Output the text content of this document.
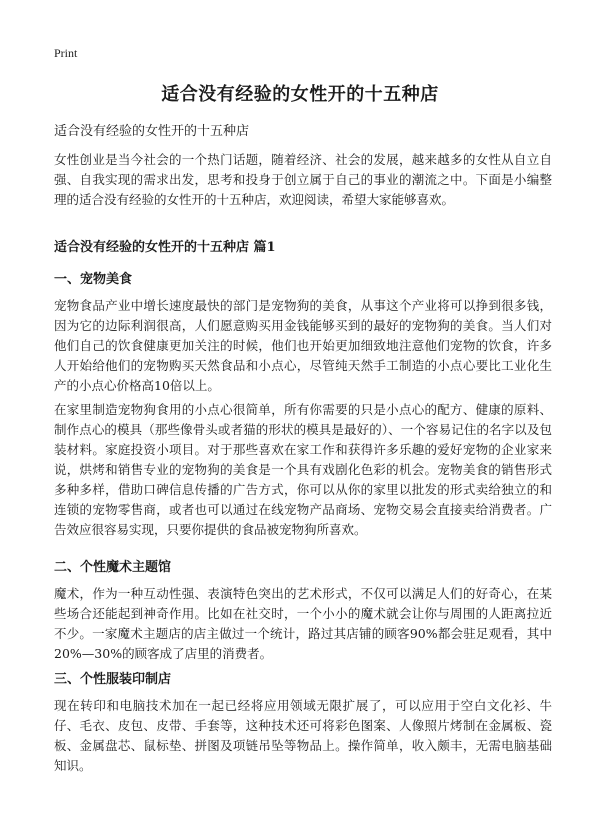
Print
适合没有经验的女性开的十五种店
适合没有经验的女性开的十五种店

女性创业是当今社会的一个热门话题，随着经济、社会的发展，越来越多的女性从自立自强、自我实现的需求出发，思考和投身于创立属于自己的事业的潮流之中。下面是小编整理的适合没有经验的女性开的十五种店，欢迎阅读，希望大家能够喜欢。

适合没有经验的女性开的十五种店 篇1
一、宠物美食

宠物食品产业中增长速度最快的部门是宠物狗的美食，从事这个产业将可以挣到很多钱，因为它的边际利润很高，人们愿意购买用金钱能够买到的最好的宠物狗的美食。当人们对他们自己的饮食健康更加关注的时候，他们也开始更加细致地注意他们宠物的饮食，许多人开始给他们的宠物购买天然食品和小点心，尽管纯天然手工制造的小点心要比工业化生产的小点心价格高10倍以上。

在家里制造宠物狗食用的小点心很简单，所有你需要的只是小点心的配方、健康的原料、制作点心的模具（那些像骨头或者猫的形状的模具是最好的）、一个容易记住的名字以及包装材料。家庭投资小项目。对于那些喜欢在家工作和获得许多乐趣的爱好宠物的企业家来说，烘烤和销售专业的宠物狗的美食是一个具有戏剧化色彩的机会。宠物美食的销售形式多种多样，借助口碑信息传播的广告方式，你可以从你的家里以批发的形式卖给独立的和连锁的宠物零售商，或者也可以通过在线宠物产品商场、宠物交易会直接卖给消费者。广告效应很容易实现，只要你提供的食品被宠物狗所喜欢。

二、个性魔术主题馆

魔术，作为一种互动性强、表演特色突出的艺术形式，不仅可以满足人们的好奇心，在某些场合还能起到神奇作用。比如在社交时，一个小小的魔术就会让你与周围的人距离拉近不少。一家魔术主题店的店主做过一个统计，路过其店铺的顾客90%都会驻足观看，其中20%—30%的顾客成了店里的消费者。

三、个性服装印制店

现在转印和电脑技术加在一起已经将应用领域无限扩展了，可以应用于空白文化衫、牛仔、毛衣、皮包、皮带、手套等，这种技术还可将彩色图案、人像照片烤制在金属板、瓷板、金属盘芯、鼠标垫、拼图及项链吊坠等物品上。操作简单，收入颇丰，无需电脑基础知识。
